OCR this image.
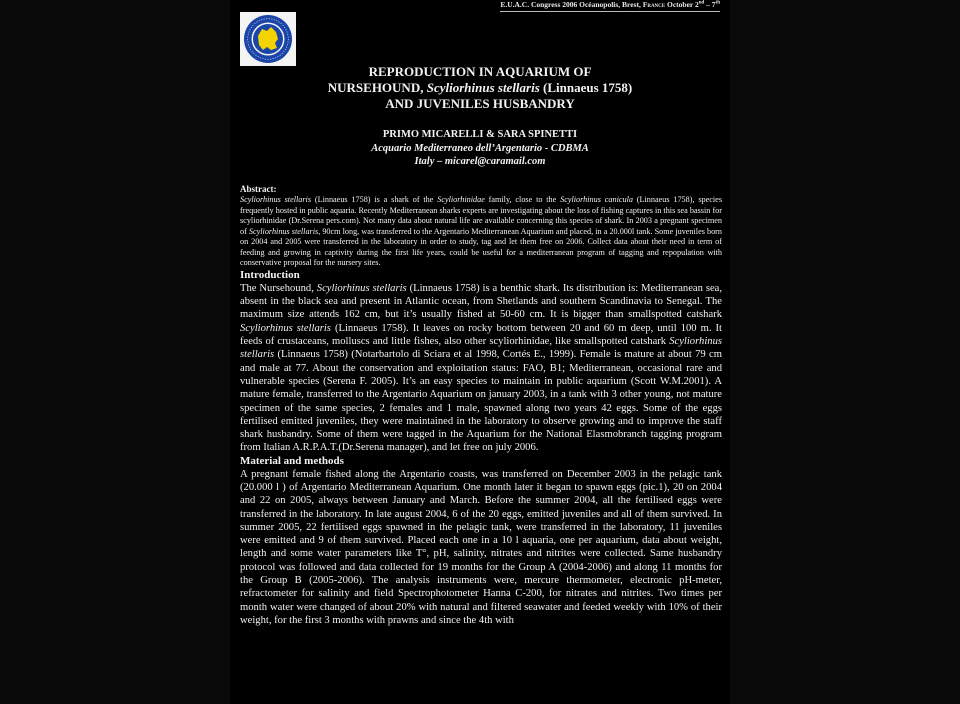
E.U.A.C. Congress 2006 Océanopolis, Brest, France October 2nd – 7th
REPRODUCTION IN AQUARIUM OF
NURSEHOUND, Scyliorhinus stellaris (Linnaeus 1758)
AND JUVENILES HUSBANDRY
PRIMO MICARELLI & SARA SPINETTI
Acquario Mediterraneo dell’Argentario - CDBMA
Italy – micarel@caramail.com
Abstract:

Scyliorhinus stellaris (Linnaeus 1758) is a shark of the Scyliorhinidae family, close to the Scyliorhinus canicula (Linnaeus 1758), species frequently hosted in public aquaria. Recently Mediterranean sharks experts are investigating about the loss of fishing captures in this sea bassin for scyliorhinidae (Dr.Serena pers.com). Not many data about natural life are available concerning this species of shark. In 2003 a pregnant specimen of Scyliorhinus stellaris, 90cm long, was transferred to the Argentario Mediterranean Aquarium and placed, in a 20.000l tank. Some juveniles born on 2004 and 2005 were transferred in the laboratory in order to study, tag and let them free on 2006. Collect data about their need in term of feeding and growing in captivity during the first life years, could be useful for a mediterranean program of tagging and repopulation with conservative proposal for the nursery sites.

Introduction

The Nursehound, Scyliorhinus stellaris (Linnaeus 1758) is a benthic shark. Its distribution is: Mediterranean sea, absent in the black sea and present in Atlantic ocean, from Shetlands and southern Scandinavia to Senegal. The maximum size attends 162 cm, but it’s usually fished at 50-60 cm. It is bigger than smallspotted catshark Scyliorhinus stellaris (Linnaeus 1758). It leaves on rocky bottom between 20 and 60 m deep, until 100 m. It feeds of crustaceans, molluscs and little fishes, also other scyliorhinidae, like smallspotted catshark Scyliorhinus stellaris (Linnaeus 1758) (Notarbartolo di Sciara et al 1998, Cortés E., 1999). Female is mature at about 79 cm and male at 77. About the conservation and exploitation status: FAO, B1; Mediterranean, occasional rare and vulnerable species (Serena F. 2005). It’s an easy species to maintain in public aquarium (Scott W.M.2001). A mature female, transferred to the Argentario Aquarium on january 2003, in a tank with 3 other young, not mature specimen of the same species, 2 females and 1 male, spawned along two years 42 eggs. Some of the eggs fertilised emitted juveniles, they were maintained in the laboratory to observe growing and to improve the staff shark husbandry. Some of them were tagged in the Aquarium for the National Elasmobranch tagging program from Italian A.R.P.A.T.(Dr.Serena manager), and let free on july 2006.

Material and methods

A pregnant female fished along the Argentario coasts, was transferred on December 2003 in the pelagic tank (20.000 l ) of Argentario Mediterranean Aquarium. One month later it began to spawn eggs (pic.1), 20 on 2004 and 22 on 2005, always between January and March. Before the summer 2004, all the fertilised eggs were transferred in the laboratory. In late august 2004, 6 of the 20 eggs, emitted juveniles and all of them survived. In summer 2005, 22 fertilised eggs spawned in the pelagic tank, were transferred in the laboratory, 11 juveniles were emitted and 9 of them survived. Placed each one in a 10 l aquaria, one per aquarium, data about weight, length and some water parameters like T°, pH, salinity, nitrates and nitrites were collected. Same husbandry protocol was followed and data collected for 19 months for the Group A (2004-2006) and along 11 months for the Group B (2005-2006). The analysis instruments were, mercure thermometer, electronic pH-meter, refractometer for salinity and field Spectrophotometer Hanna C-200, for nitrates and nitrites. Two times per month water were changed of about 20% with natural and filtered seawater and feeded weekly with 10% of their weight, for the first 3 months with prawns and since the 4th with
